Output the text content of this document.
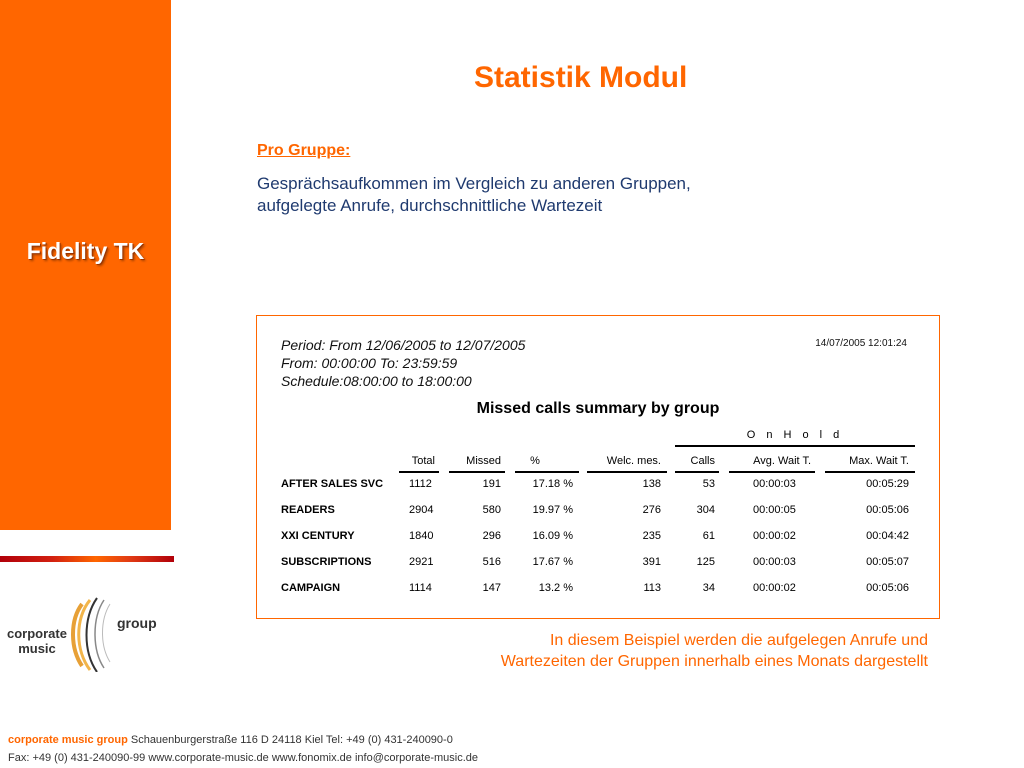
Fidelity TK
corporate
music
group
Statistik Modul
Pro Gruppe:
Gesprächsaufkommen im Vergleich zu anderen Gruppen, aufgelegte Anrufe, durchschnittliche Wartezeit
Period: From 12/06/2005 to 12/07/2005
From: 00:00:00 To: 23:59:59
Schedule:08:00:00 to 18:00:00
14/07/2005 12:01:24
Missed calls summary by group
O n H o l d
Total	Missed	%	Welc. mes.	Calls	Avg. Wait T.	Max. Wait T.
AFTER SALES SVC 1112	191	17.18 %	138	53	00:00:03	00:05:29
READERS	2904	580	19.97 %	276	304	00:00:05	00:05:06
XXI CENTURY	1840	296	16.09 %	235	61	00:00:02	00:04:42
SUBSCRIPTIONS	2921	516	17.67 %	391	125	00:00:03	00:05:07
CAMPAIGN	1114	147	13.2 %	113	34	00:00:02	00:05:06
In diesem Beispiel werden die aufgelegen Anrufe und Wartezeiten der Gruppen innerhalb eines Monats dargestellt
corporate music group Schauenburgerstraße 116 D 24118 Kiel Tel: +49 (0) 431-240090-0
Fax: +49 (0) 431-240090-99 www.corporate-music.de www.fonomix.de info@corporate-music.de
